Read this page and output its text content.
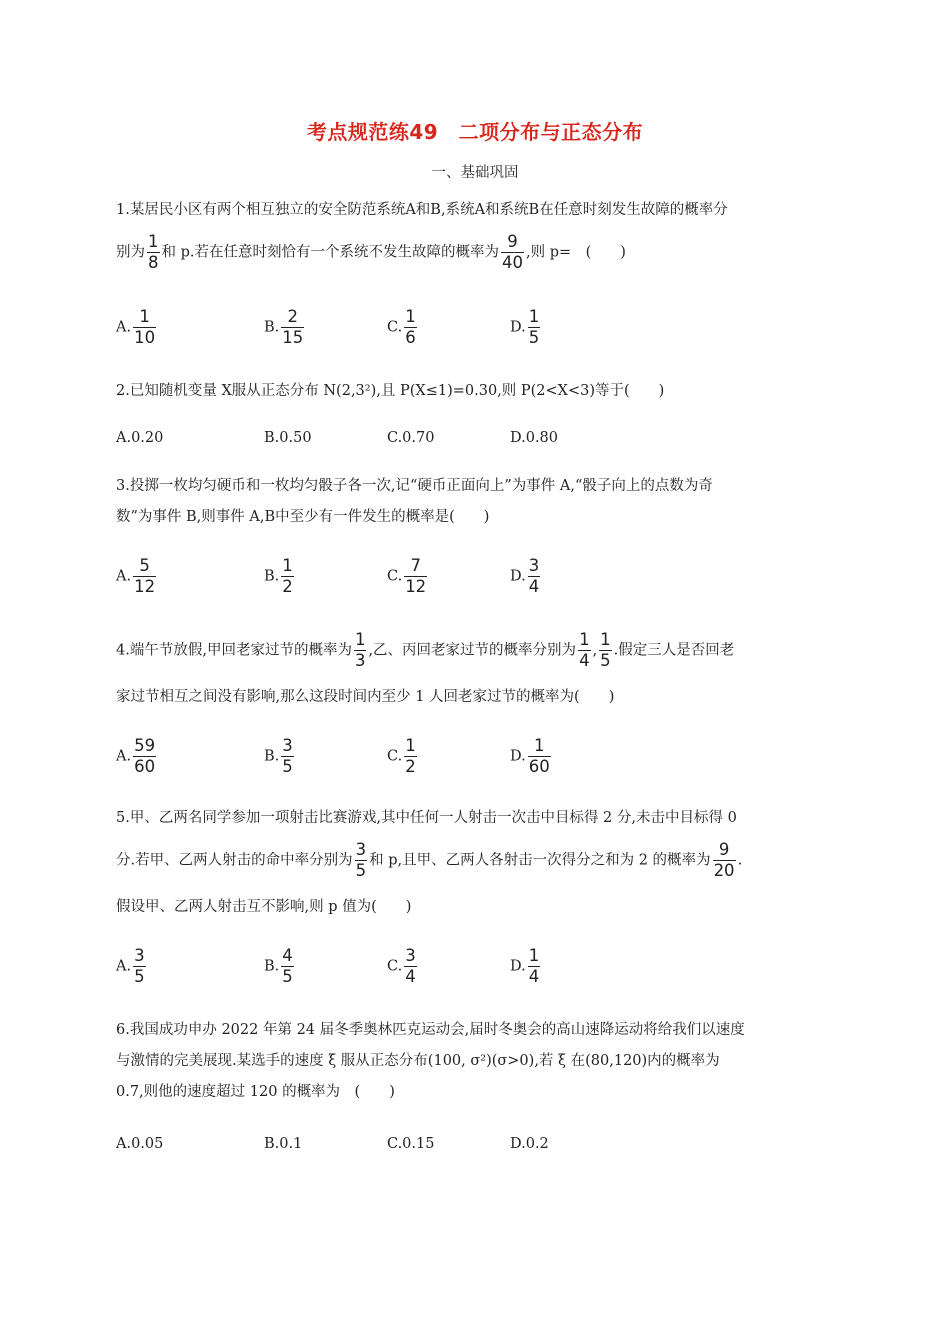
考点规范练49　二项分布与正态分布
一、基础巩固
1.某居民小区有两个相互独立的安全防范系统A和B,系统A和系统B在任意时刻发生故障的概率分
别为 $\frac{1}{8}$ 和 p.若在任意时刻恰有一个系统不发生故障的概率为 $\frac{9}{40}$ ,则 p=　(　　)
A. $\frac{1}{10}$	B. $\frac{2}{15}$	C. $\frac{1}{6}$	D. $\frac{1}{5}$
2.已知随机变量 X服从正态分布 N(2,3²),且 P(X≤1)=0.30,则 P(2<X<3)等于(　　)
A.0.20	B.0.50	C.0.70	D.0.80
3.投掷一枚均匀硬币和一枚均匀骰子各一次,记“硬币正面向上”为事件 A,“骰子向上的点数为奇
数”为事件 B,则事件 A,B中至少有一件发生的概率是(　　)
A. $\frac{5}{12}$	B. $\frac{1}{2}$	C. $\frac{7}{12}$	D. $\frac{3}{4}$
4.端午节放假,甲回老家过节的概率为 $\frac{1}{3}$ ,乙、丙回老家过节的概率分别为 $\frac{1}{4}$ , $\frac{1}{5}$ .假定三人是否回老
家过节相互之间没有影响,那么这段时间内至少 1 人回老家过节的概率为(　　)
A. $\frac{59}{60}$	B. $\frac{3}{5}$	C. $\frac{1}{2}$	D. $\frac{1}{60}$
5.甲、乙两名同学参加一项射击比赛游戏,其中任何一人射击一次击中目标得 2 分,未击中目标得 0
分.若甲、乙两人射击的命中率分别为 $\frac{3}{5}$ 和 p,且甲、乙两人各射击一次得分之和为 2 的概率为 $\frac{9}{20}$ .
假设甲、乙两人射击互不影响,则 p 值为(　　)
A. $\frac{3}{5}$	B. $\frac{4}{5}$	C. $\frac{3}{4}$	D. $\frac{1}{4}$
6.我国成功申办 2022 年第 24 届冬季奥林匹克运动会,届时冬奥会的高山速降运动将给我们以速度
与激情的完美展现.某选手的速度 ξ 服从正态分布(100, σ²)(σ>0),若 ξ 在(80,120)内的概率为
0.7,则他的速度超过 120 的概率为　(　　)
A.0.05	B.0.1	C.0.15	D.0.2
